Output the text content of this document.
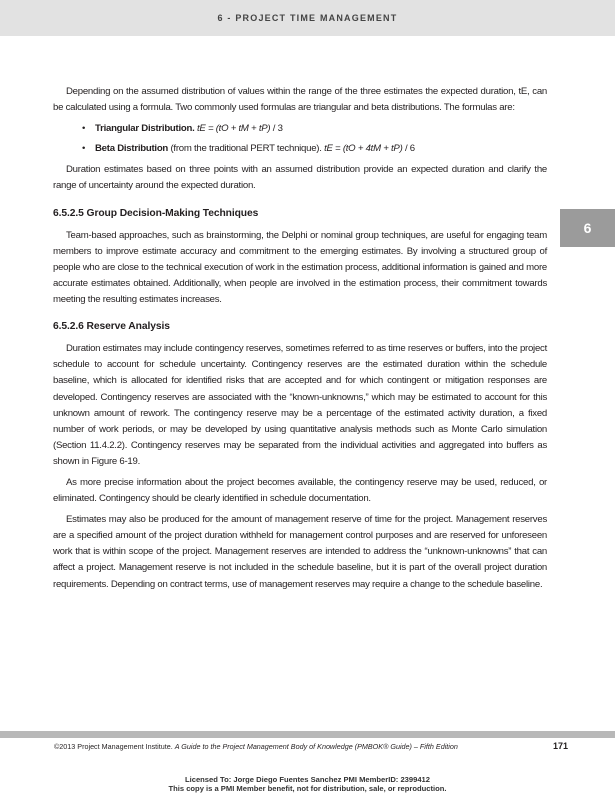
6 - PROJECT TIME MANAGEMENT
6

Depending on the assumed distribution of values within the range of the three estimates the expected duration, tE, can be calculated using a formula. Two commonly used formulas are triangular and beta distributions. The formulas are:

• Triangular Distribution. tE = (tO + tM + tP) / 3
• Beta Distribution (from the traditional PERT technique). tE = (tO + 4tM + tP) / 6

Duration estimates based on three points with an assumed distribution provide an expected duration and clarify the range of uncertainty around the expected duration.

6.5.2.5 Group Decision-Making Techniques

Team-based approaches, such as brainstorming, the Delphi or nominal group techniques, are useful for engaging team members to improve estimate accuracy and commitment to the emerging estimates. By involving a structured group of people who are close to the technical execution of work in the estimation process, additional information is gained and more accurate estimates obtained. Additionally, when people are involved in the estimation process, their commitment towards meeting the resulting estimates increases.

6.5.2.6 Reserve Analysis

Duration estimates may include contingency reserves, sometimes referred to as time reserves or buffers, into the project schedule to account for schedule uncertainty. Contingency reserves are the estimated duration within the schedule baseline, which is allocated for identified risks that are accepted and for which contingent or mitigation responses are developed. Contingency reserves are associated with the “known-unknowns,” which may be estimated to account for this unknown amount of rework. The contingency reserve may be a percentage of the estimated activity duration, a fixed number of work periods, or may be developed by using quantitative analysis methods such as Monte Carlo simulation (Section 11.4.2.2). Contingency reserves may be separated from the individual activities and aggregated into buffers as shown in Figure 6-19.

As more precise information about the project becomes available, the contingency reserve may be used, reduced, or eliminated. Contingency should be clearly identified in schedule documentation.

Estimates may also be produced for the amount of management reserve of time for the project. Management reserves are a specified amount of the project duration withheld for management control purposes and are reserved for unforeseen work that is within scope of the project. Management reserves are intended to address the “unknown-unknowns” that can affect a project. Management reserve is not included in the schedule baseline, but it is part of the overall project duration requirements. Depending on contract terms, use of management reserves may require a change to the schedule baseline.

©2013 Project Management Institute. A Guide to the Project Management Body of Knowledge (PMBOK® Guide) – Fifth Edition	171
Licensed To: Jorge Diego Fuentes Sanchez PMI MemberID: 2399412
This copy is a PMI Member benefit, not for distribution, sale, or reproduction.
